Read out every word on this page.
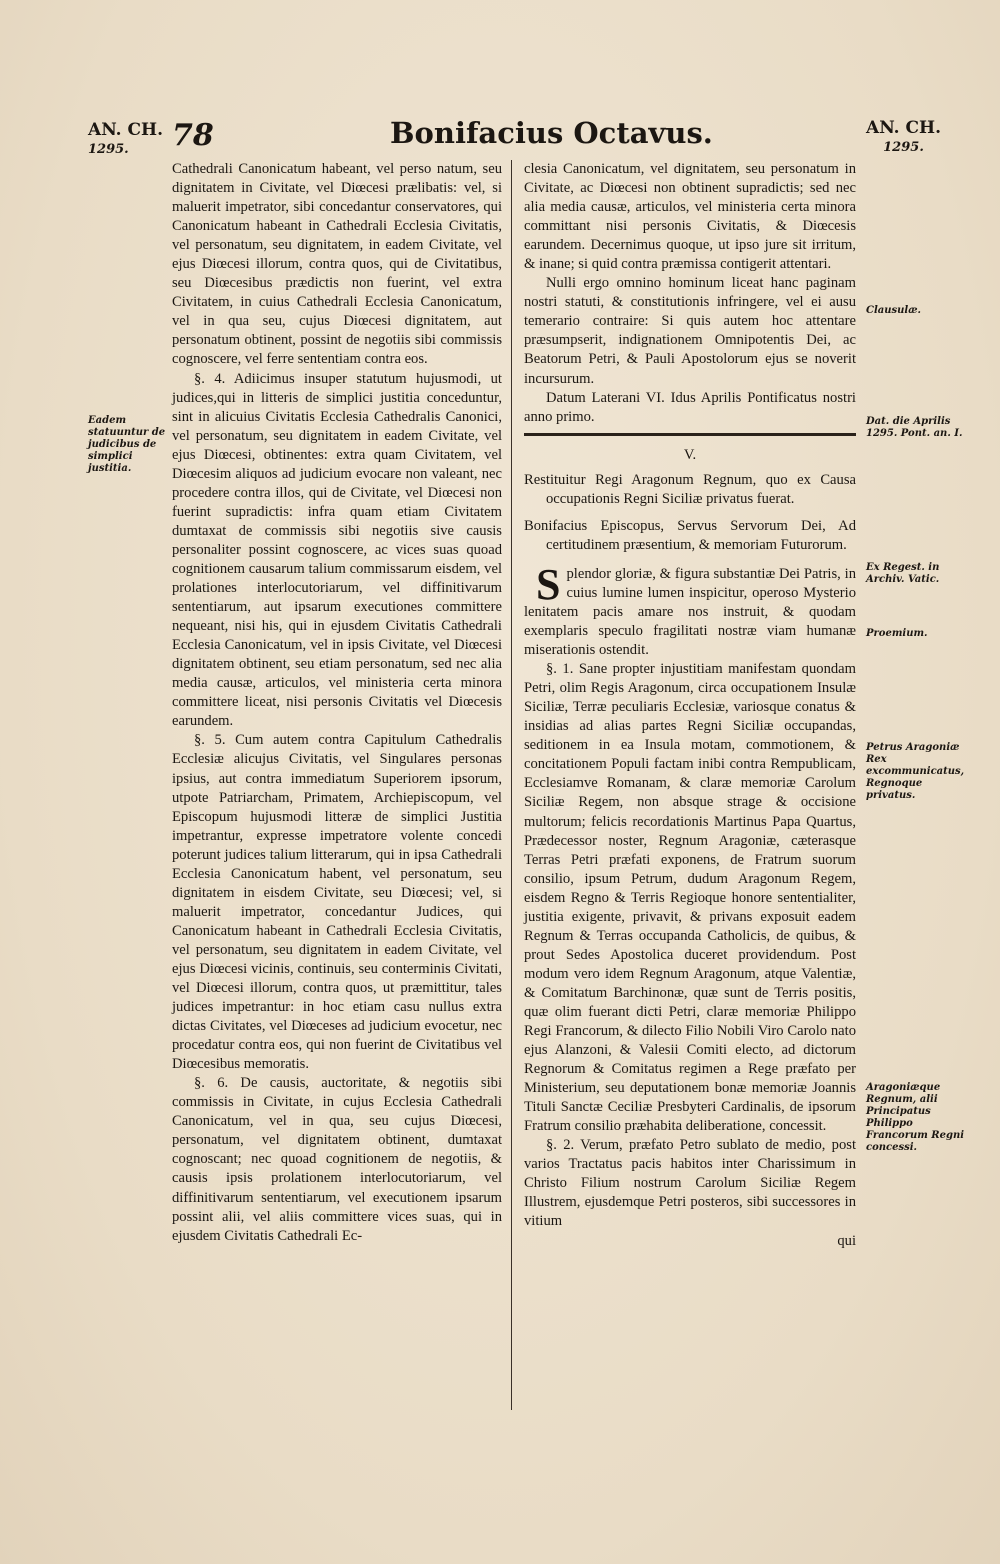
AN. CH.
1295.	78	Bonifacius Octavus.	AN. CH.
1295.

Cathedrali Canonicatum habeant, vel perso natum, seu dignitatem in Civitate, vel Diœcesi prælibatis: vel, si maluerit impetrator, sibi concedantur conservatores, qui Canonicatum habeant in Cathedrali Ecclesia Civitatis, vel personatum, seu dignitatem, in eadem Civitate, vel ejus Diœcesi illorum, contra quos, qui de Civitatibus, seu Diœcesibus prædictis non fuerint, vel extra Civitatem, in cuius Cathedrali Ecclesia Canonicatum, vel in qua seu, cujus Diœcesi dignitatem, aut personatum obtinent, possint de negotiis sibi commissis cognoscere, vel ferre sententiam contra eos.

§. 4. Adiicimus insuper statutum hujusmodi, ut judices,qui in litteris de simplici justitia conceduntur, sint in alicuius Civitatis Ecclesia Cathedralis Canonici, vel personatum, seu dignitatem in eadem Civitate, vel ejus Diœcesi, obtinentes: extra quam Civitatem, vel Diœcesim aliquos ad judicium evocare non valeant, nec procedere contra illos, qui de Civitate, vel Diœcesi non fuerint supradictis: infra quam etiam Civitatem dumtaxat de commissis sibi negotiis sive causis personaliter possint cognoscere, ac vices suas quoad cognitionem causarum talium commissarum eisdem, vel prolationes interlocutoriarum, vel diffinitivarum sententiarum, aut ipsarum executiones committere nequeant, nisi his, qui in ejusdem Civitatis Cathedrali Ecclesia Canonicatum, vel in ipsis Civitate, vel Diœcesi dignitatem obtinent, seu etiam personatum, sed nec alia media causæ, articulos, vel ministeria certa minora committere liceat, nisi personis Civitatis vel Diœcesis earundem.

§. 5. Cum autem contra Capitulum Cathedralis Ecclesiæ alicujus Civitatis, vel Singulares personas ipsius, aut contra immediatum Superiorem ipsorum, utpote Patriarcham, Primatem, Archiepiscopum, vel Episcopum hujusmodi litteræ de simplici Justitia impetrantur, expresse impetratore volente concedi poterunt judices talium litterarum, qui in ipsa Cathedrali Ecclesia Canonicatum habent, vel personatum, seu dignitatem in eisdem Civitate, seu Diœcesi; vel, si maluerit impetrator, concedantur Judices, qui Canonicatum habeant in Cathedrali Ecclesia Civitatis, vel personatum, seu dignitatem in eadem Civitate, vel ejus Diœcesi vicinis, continuis, seu conterminis Civitati, vel Diœcesi illorum, contra quos, ut præmittitur, tales judices impetrantur: in hoc etiam casu nullus extra dictas Civitates, vel Diœceses ad judicium evocetur, nec procedatur contra eos, qui non fuerint de Civitatibus vel Diœcesibus memoratis.

§. 6. De causis, auctoritate, & negotiis sibi commissis in Civitate, in cujus Ecclesia Cathedrali Canonicatum, vel in qua, seu cujus Diœcesi, personatum, vel dignitatem obtinent, dumtaxat cognoscant; nec quoad cognitionem de negotiis, & causis ipsis prolationem interlocutoriarum, vel diffinitivarum sententiarum, vel executionem ipsarum possint alii, vel aliis committere vices suas, qui in ejusdem Civitatis Cathedrali Ec-

clesia Canonicatum, vel dignitatem, seu personatum in Civitate, ac Diœcesi non obtinent supradictis; sed nec alia media causæ, articulos, vel ministeria certa minora committant nisi personis Civitatis, & Diœcesis earundem. Decernimus quoque, ut ipso jure sit irritum, & inane; si quid contra præmissa contigerit attentari.

Nulli ergo omnino hominum liceat hanc paginam nostri statuti, & constitutionis infringere, vel ei ausu temerario contraire: Si quis autem hoc attentare præsumpserit, indignationem Omnipotentis Dei, ac Beatorum Petri, & Pauli Apostolorum ejus se noverit incursurum.

Datum Laterani VI. Idus Aprilis Pontificatus nostri anno primo.

V.

Restituitur Regi Aragonum Regnum, quo ex Causa occupationis Regni Siciliæ privatus fuerat.

Bonifacius Episcopus, Servus Servorum Dei, Ad certitudinem præsentium, & memoriam Futurorum.

S plendor gloriæ, & figura substantiæ Dei Patris, in cuius lumine lumen inspicitur, operoso Mysterio lenitatem pacis amare nos instruit, & quodam exemplaris speculo fragilitati nostræ viam humanæ miserationis ostendit.

§. 1. Sane propter injustitiam manifestam quondam Petri, olim Regis Aragonum, circa occupationem Insulæ Siciliæ, Terræ peculiaris Ecclesiæ, variosque conatus & insidias ad alias partes Regni Siciliæ occupandas, seditionem in ea Insula motam, commotionem, & concitationem Populi factam inibi contra Rempublicam, Ecclesiamve Romanam, & claræ memoriæ Carolum Siciliæ Regem, non absque strage & occisione multorum; felicis recordationis Martinus Papa Quartus, Prædecessor noster, Regnum Aragoniæ, cæterasque Terras Petri præfati exponens, de Fratrum suorum consilio, ipsum Petrum, dudum Aragonum Regem, eisdem Regno & Terris Regioque honore sententialiter, justitia exigente, privavit, & privans exposuit eadem Regnum & Terras occupanda Catholicis, de quibus, & prout Sedes Apostolica duceret providendum. Post modum vero idem Regnum Aragonum, atque Valentiæ, & Comitatum Barchinonæ, quæ sunt de Terris positis, quæ olim fuerant dicti Petri, claræ memoriæ Philippo Regi Francorum, & dilecto Filio Nobili Viro Carolo nato ejus Alanzoni, & Valesii Comiti electo, ad dictorum Regnorum & Comitatus regimen a Rege præfato per Ministerium, seu deputationem bonæ memoriæ Joannis Tituli Sanctæ Ceciliæ Presbyteri Cardinalis, de ipsorum Fratrum consilio præhabita deliberatione, concessit.

§. 2. Verum, præfato Petro sublato de medio, post varios Tractatus pacis habitos inter Charissimum in Christo Filium nostrum Carolum Siciliæ Regem Illustrem, ejusdemque Petri posteros, sibi successores in vitium

qui

Eadem statuuntur de judicibus de simplici justitia.
Clausulæ.
Dat. die Aprilis 1295. Pont. an. I.
Ex Regest. in Archiv. Vatic.
Proemium.
Petrus Aragoniæ Rex excommunicatus, Regnoque privatus.
Aragoniæque Regnum, alii Principatus Philippo Francorum Regni concessi.
